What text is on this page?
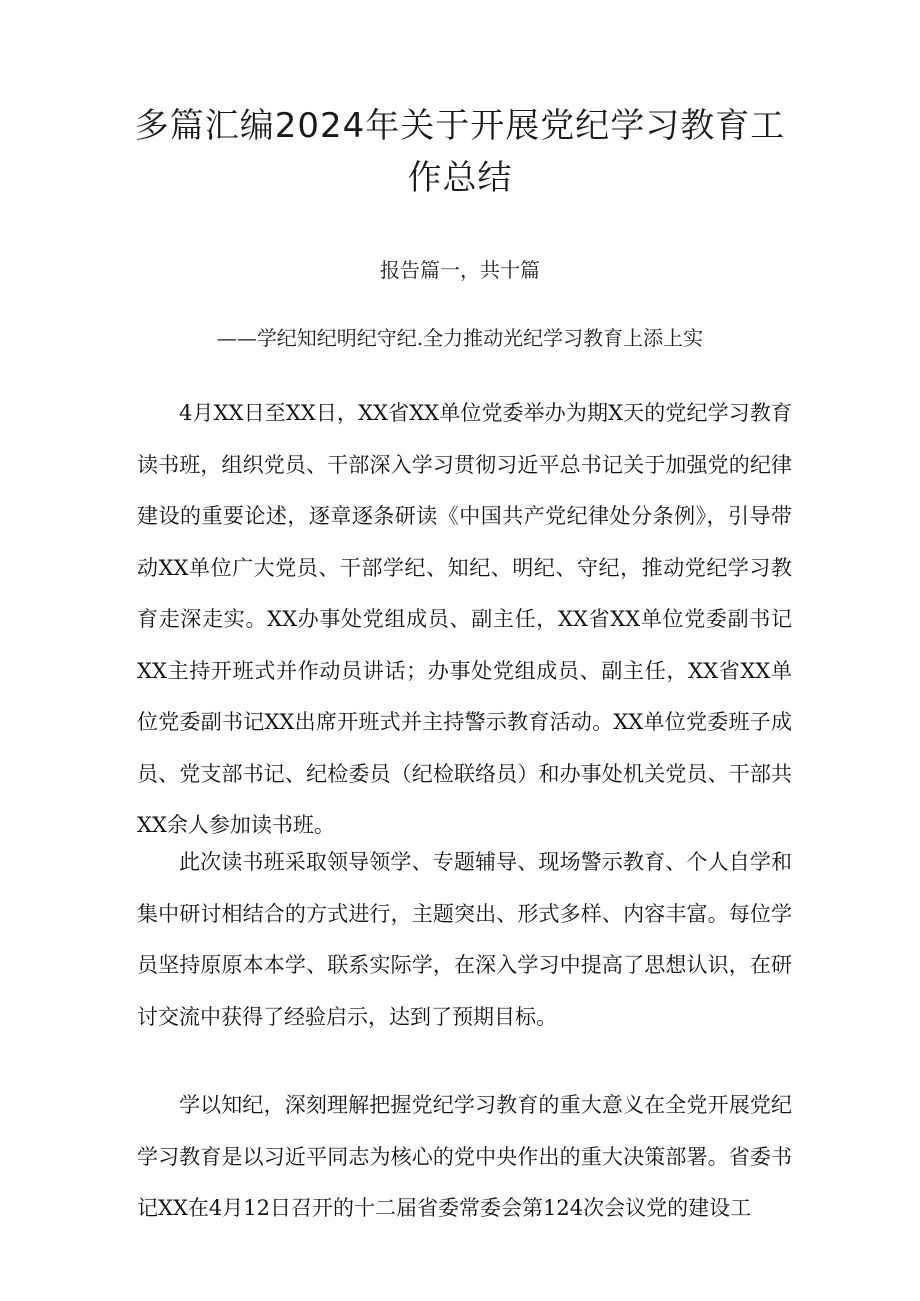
多篇汇编2024年关于开展党纪学习教育工作总结

报告篇一，共十篇

——学纪知纪明纪守纪.全力推动光纪学习教育上添上实

4月XX日至XX日，XX省XX单位党委举办为期X天的党纪学习教育读书班，组织党员、干部深入学习贯彻习近平总书记关于加强党的纪律建设的重要论述，逐章逐条研读《中国共产党纪律处分条例》，引导带动XX单位广大党员、干部学纪、知纪、明纪、守纪，推动党纪学习教育走深走实。XX办事处党组成员、副主任，XX省XX单位党委副书记XX主持开班式并作动员讲话；办事处党组成员、副主任，XX省XX单位党委副书记XX出席开班式并主持警示教育活动。XX单位党委班子成员、党支部书记、纪检委员（纪检联络员）和办事处机关党员、干部共XX余人参加读书班。

此次读书班采取领导领学、专题辅导、现场警示教育、个人自学和集中研讨相结合的方式进行，主题突出、形式多样、内容丰富。每位学员坚持原原本本学、联系实际学，在深入学习中提高了思想认识，在研讨交流中获得了经验启示，达到了预期目标。

学以知纪，深刻理解把握党纪学习教育的重大意义在全党开展党纪学习教育是以习近平同志为核心的党中央作出的重大决策部署。省委书记XX在4月12日召开的十二届省委常委会第124次会议党的建设工
